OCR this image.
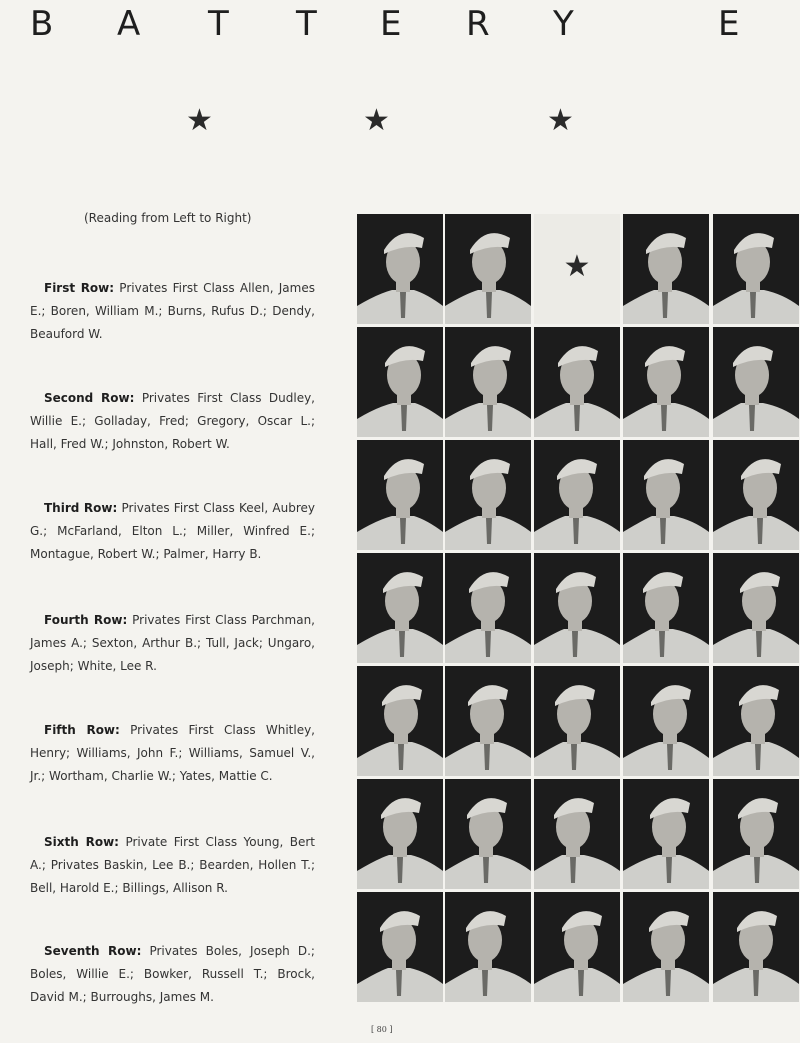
B A T T E R Y	E
★	★	★
(Reading from Left to Right)

First Row: Privates First Class Allen, James E.; Boren, William M.; Burns, Rufus D.; Dendy, Beauford W.

Second Row: Privates First Class Dudley, Willie E.; Golladay, Fred; Gregory, Oscar L.; Hall, Fred W.; Johnston, Robert W.

Third Row: Privates First Class Keel, Aubrey G.; McFarland, Elton L.; Miller, Winfred E.; Montague, Robert W.; Palmer, Harry B.

Fourth Row: Privates First Class Parchman, James A.; Sexton, Arthur B.; Tull, Jack; Ungaro, Joseph; White, Lee R.

Fifth Row: Privates First Class Whitley, Henry; Williams, John F.; Williams, Samuel V., Jr.; Wortham, Charlie W.; Yates, Mattie C.

Sixth Row: Private First Class Young, Bert A.; Privates Baskin, Lee B.; Bearden, Hollen T.; Bell, Harold E.; Billings, Allison R.

Seventh Row: Privates Boles, Joseph D.; Boles, Willie E.; Bowker, Russell T.; Brock, David M.; Burroughs, James M.

★
[ 80 ]
